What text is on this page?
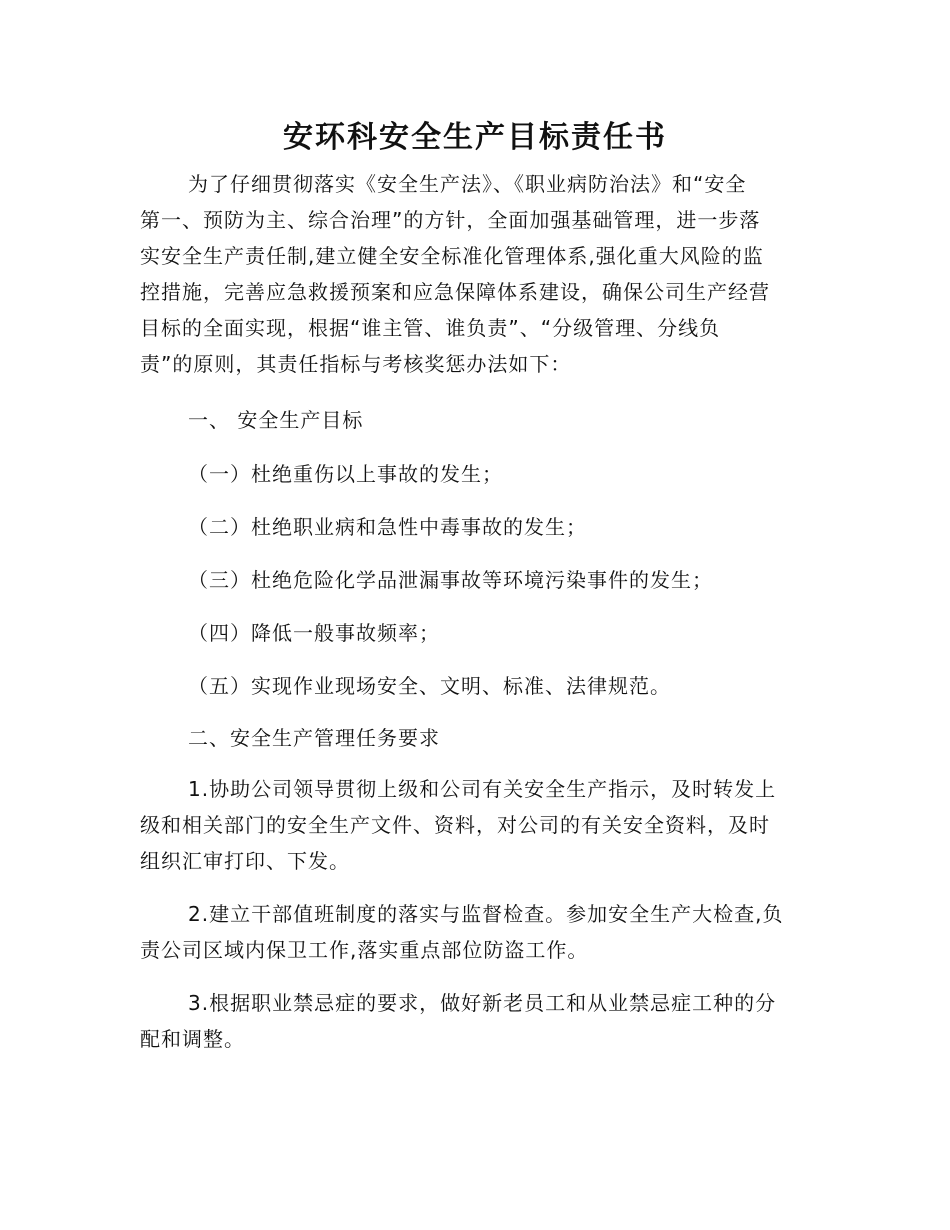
安环科安全生产目标责任书
为了仔细贯彻落实《安全生产法》、《职业病防治法》和“安全
第一、预防为主、综合治理”的方针，全面加强基础管理，进一步落
实安全生产责任制,建立健全安全标准化管理体系,强化重大风险的监
控措施，完善应急救援预案和应急保障体系建设，确保公司生产经营
目标的全面实现，根据“谁主管、谁负责”、“分级管理、分线负
责”的原则，其责任指标与考核奖惩办法如下：
一、 安全生产目标
（一）杜绝重伤以上事故的发生；
（二）杜绝职业病和急性中毒事故的发生；
（三）杜绝危险化学品泄漏事故等环境污染事件的发生；
（四）降低一般事故频率；
（五）实现作业现场安全、文明、标准、法律规范。
二、安全生产管理任务要求
1.协助公司领导贯彻上级和公司有关安全生产指示，及时转发上
级和相关部门的安全生产文件、资料，对公司的有关安全资料，及时
组织汇审打印、下发。
2.建立干部值班制度的落实与监督检查。参加安全生产大检查,负
责公司区域内保卫工作,落实重点部位防盗工作。
3.根据职业禁忌症的要求，做好新老员工和从业禁忌症工种的分
配和调整。
